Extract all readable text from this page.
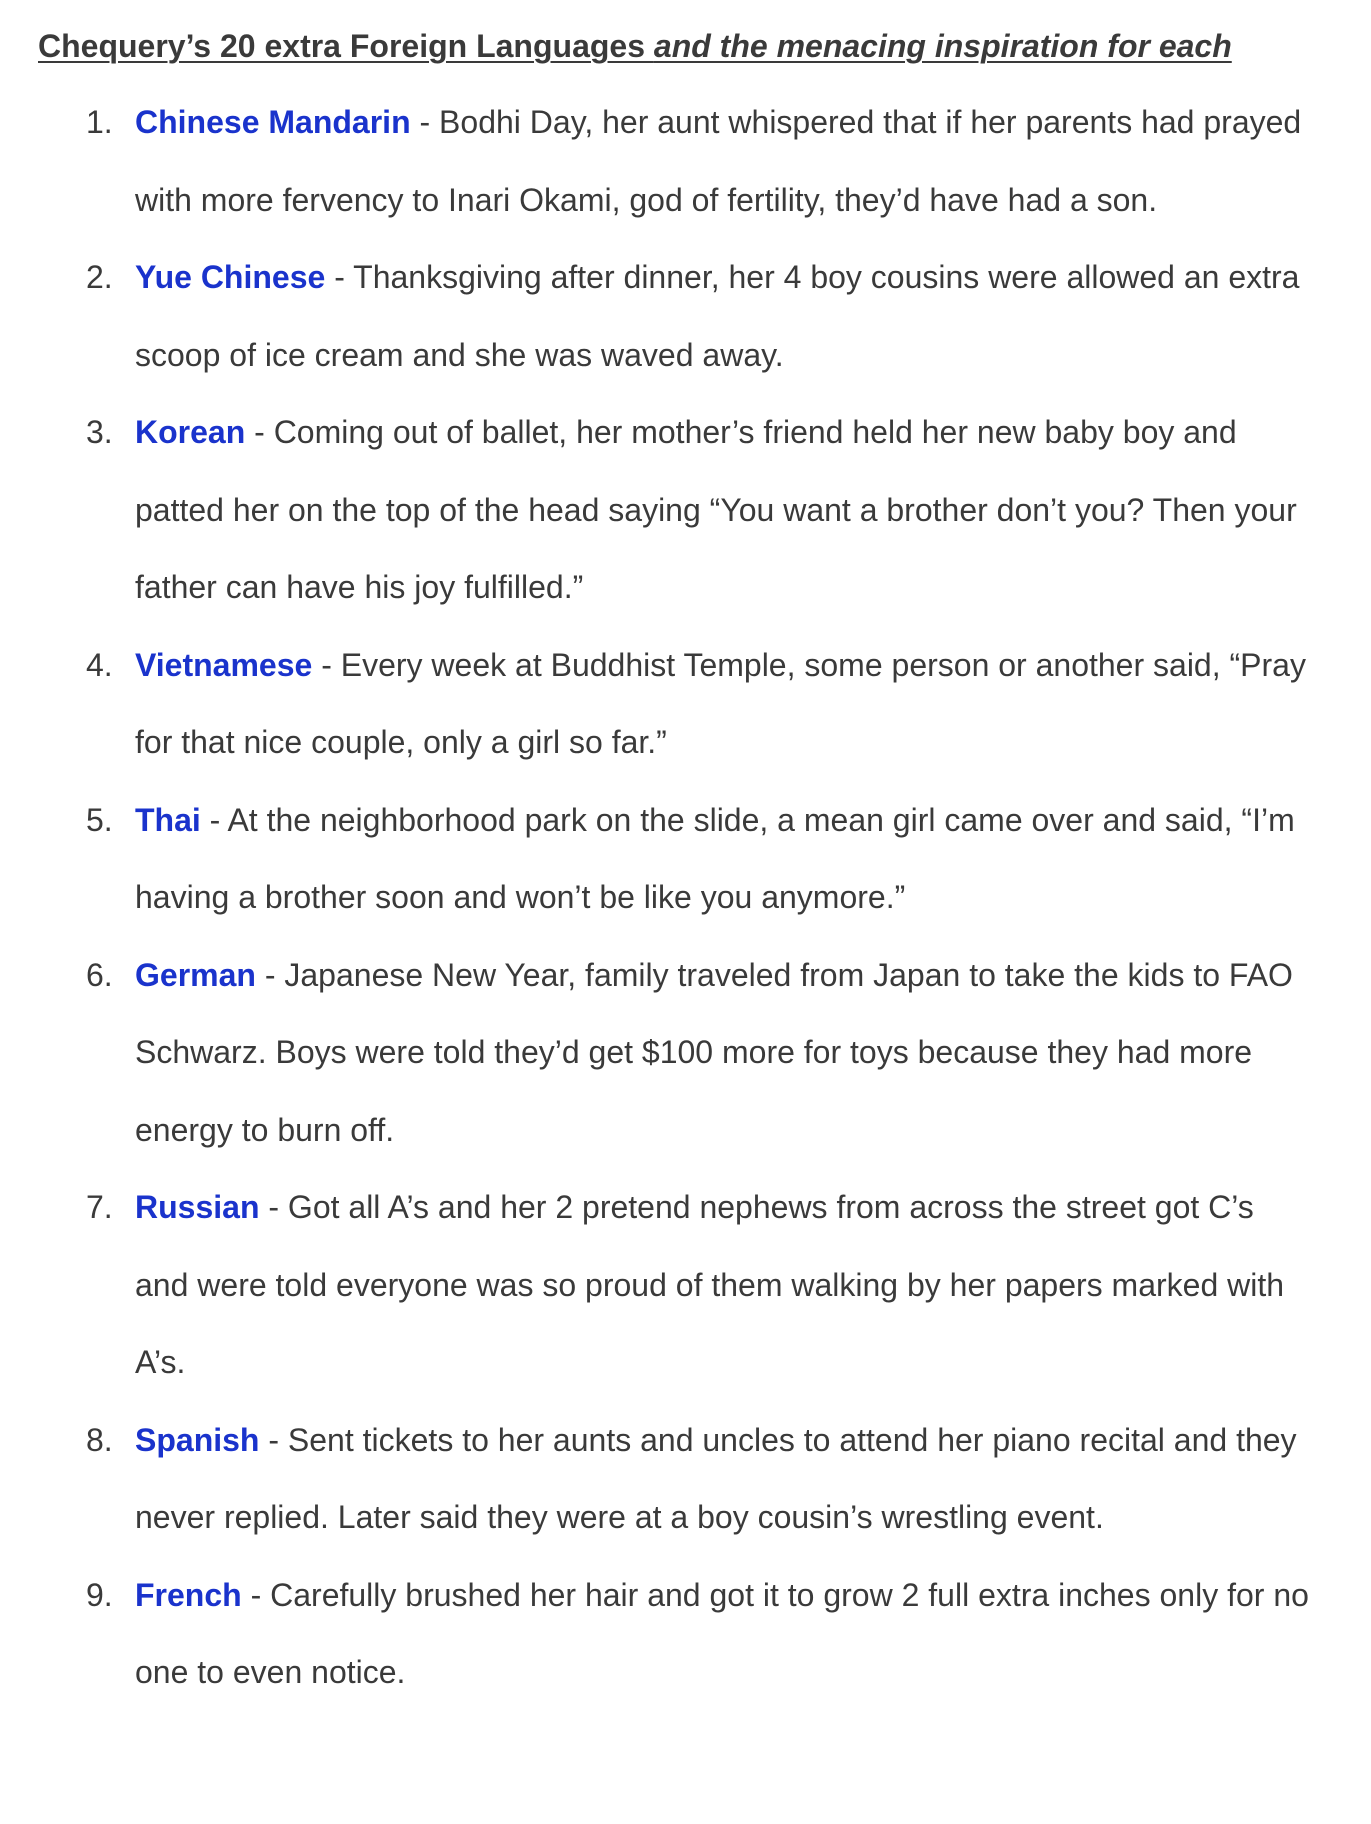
Chequery’s 20 extra Foreign Languages and the menacing inspiration for each
1. Chinese Mandarin - Bodhi Day, her aunt whispered that if her parents had prayed with more fervency to Inari Okami, god of fertility, they’d have had a son.
2. Yue Chinese - Thanksgiving after dinner, her 4 boy cousins were allowed an extra scoop of ice cream and she was waved away.
3. Korean - Coming out of ballet, her mother’s friend held her new baby boy and patted her on the top of the head saying “You want a brother don’t you? Then your father can have his joy fulfilled.”
4. Vietnamese - Every week at Buddhist Temple, some person or another said, “Pray for that nice couple, only a girl so far.”
5. Thai - At the neighborhood park on the slide, a mean girl came over and said, “I’m having a brother soon and won’t be like you anymore.”
6. German - Japanese New Year, family traveled from Japan to take the kids to FAO Schwarz. Boys were told they’d get $100 more for toys because they had more energy to burn off.
7. Russian - Got all A’s and her 2 pretend nephews from across the street got C’s and were told everyone was so proud of them walking by her papers marked with A’s.
8. Spanish - Sent tickets to her aunts and uncles to attend her piano recital and they never replied. Later said they were at a boy cousin’s wrestling event.
9. French - Carefully brushed her hair and got it to grow 2 full extra inches only for no one to even notice.
